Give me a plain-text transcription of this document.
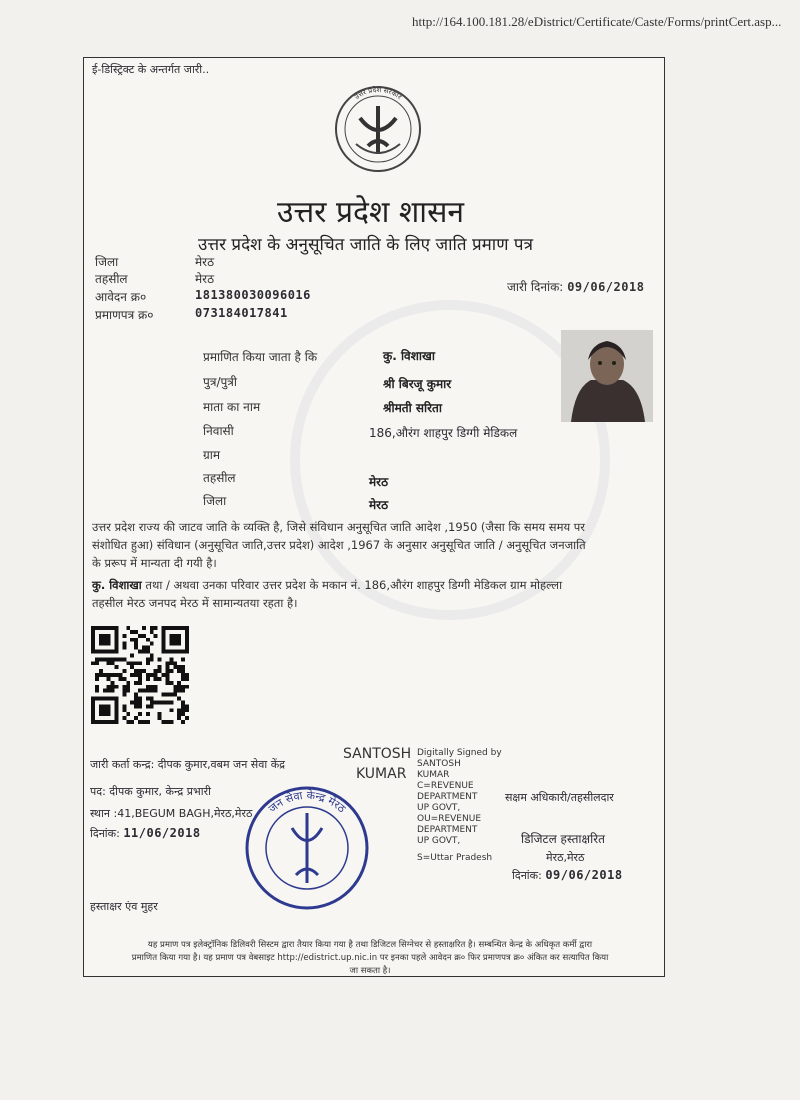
http://164.100.181.28/eDistrict/Certificate/Caste/Forms/printCert.asp...
ई-डिस्ट्रिक्ट के अन्तर्गत जारी..
उत्तर प्रदेश सरकार
उत्तर प्रदेश शासन
उत्तर प्रदेश के अनुसूचित जाति के लिए जाति प्रमाण पत्र
जिला	मेरठ
तहसील	मेरठ
आवेदन क्र०	181380030096016
प्रमाणपत्र क्र०	073184017841
जारी दिनांक: 09/06/2018
प्रमाणित किया जाता है कि	कु. विशाखा
पुत्र/पुत्री	श्री बिरजू कुमार
माता का नाम	श्रीमती सरिता
निवासी	186,औरंग शाहपुर डिग्गी मेडिकल
ग्राम
तहसील	मेरठ
जिला	मेरठ
उत्तर प्रदेश राज्य की जाटव जाति के व्यक्ति है, जिसे संविधान अनुसूचित जाति आदेश ,1950 (जैसा कि समय समय पर
संशोधित हुआ) संविधान (अनुसूचित जाति,उत्तर प्रदेश) आदेश ,1967 के अनुसार अनुसूचित जाति / अनुसूचित जनजाति
के प्ररूप में मान्यता दी गयी है।
कु. विशाखा तथा / अथवा उनका परिवार उत्तर प्रदेश के मकान नं. 186,औरंग शाहपुर डिग्गी मेडिकल ग्राम मोहल्ला
तहसील मेरठ जनपद मेरठ में सामान्यतया रहता है।
जारी कर्ता कन्द्र: दीपक कुमार,वबम जन सेवा केंद्र
पद: दीपक कुमार, केन्द्र प्रभारी
स्थान :41,BEGUM BAGH,मेरठ,मेरठ
दिनांक: 11/06/2018
हस्ताक्षर एंव मुहर
जन सेवा केन्द्र मेरठ
SANTOSH
KUMAR
Digitally Signed by
SANTOSH
KUMAR
C=REVENUE
DEPARTMENT
UP GOVT,
OU=REVENUE
DEPARTMENT
UP GOVT,
S=Uttar Pradesh
सक्षम अधिकारी/तहसीलदार
डिजिटल हस्ताक्षरित
मेरठ,मेरठ
दिनांक: 09/06/2018
यह प्रमाण पत्र इलेक्ट्रॉनिक डिलिवरी सिस्टम द्वारा तैयार किया गया है तथा डिजिटल सिग्नेचर से हस्ताक्षरित है। सम्बन्धित केन्द्र के अधिकृत कर्मी द्वारा
प्रमाणित किया गया है। यह प्रमाण पत्र वेबसाइट http://edistrict.up.nic.in पर इनका पहले आवेदन क्र० फिर प्रमाणपत्र क्र० अंकित कर सत्यापित किया
जा सकता है।
